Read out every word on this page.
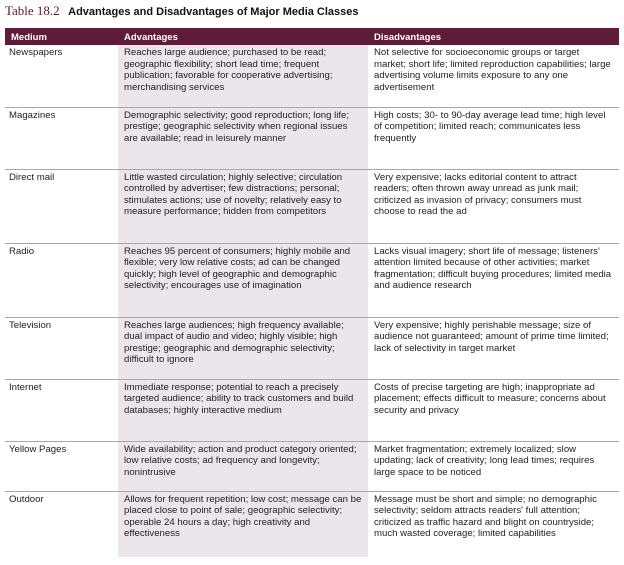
Table 18.2 Advantages and Disadvantages of Major Media Classes
Medium	Advantages	Disadvantages
Newspapers	Reaches large audience; purchased to be read; geographic flexibility; short lead time; frequent publication; favorable for cooperative advertising; merchandising services	Not selective for socioeconomic groups or target market; short life; limited reproduction capabilities; large advertising volume limits exposure to any one advertisement
Magazines	Demographic selectivity; good reproduction; long life; prestige; geographic selectivity when regional issues are available; read in leisurely manner	High costs; 30- to 90-day average lead time; high level of competition; limited reach; communicates less frequently
Direct mail	Little wasted circulation; highly selective; circulation controlled by advertiser; few distractions; personal; stimulates actions; use of novelty; relatively easy to measure performance; hidden from competitors	Very expensive; lacks editorial content to attract readers; often thrown away unread as junk mail; criticized as invasion of privacy; consumers must choose to read the ad
Radio	Reaches 95 percent of consumers; highly mobile and flexible; very low relative costs; ad can be changed quickly; high level of geographic and demographic selectivity; encourages use of imagination	Lacks visual imagery; short life of message; listeners' attention limited because of other activities; market fragmentation; difficult buying procedures; limited media and audience research
Television	Reaches large audiences; high frequency available; dual impact of audio and video; highly visible; high prestige; geographic and demographic selectivity; difficult to ignore	Very expensive; highly perishable message; size of audience not guaranteed; amount of prime time limited; lack of selectivity in target market
Internet	Immediate response; potential to reach a precisely targeted audience; ability to track customers and build databases; highly interactive medium	Costs of precise targeting are high; inappropriate ad placement; effects difficult to measure; concerns about security and privacy
Yellow Pages	Wide availability; action and product category oriented; low relative costs; ad frequency and longevity; nonintrusive	Market fragmentation; extremely localized; slow updating; lack of creativity; long lead times; requires large space to be noticed
Outdoor	Allows for frequent repetition; low cost; message can be placed close to point of sale; geographic selectivity; operable 24 hours a day; high creativity and effectiveness	Message must be short and simple; no demographic selectivity; seldom attracts readers' full attention; criticized as traffic hazard and blight on countryside; much wasted coverage; limited capabilities
